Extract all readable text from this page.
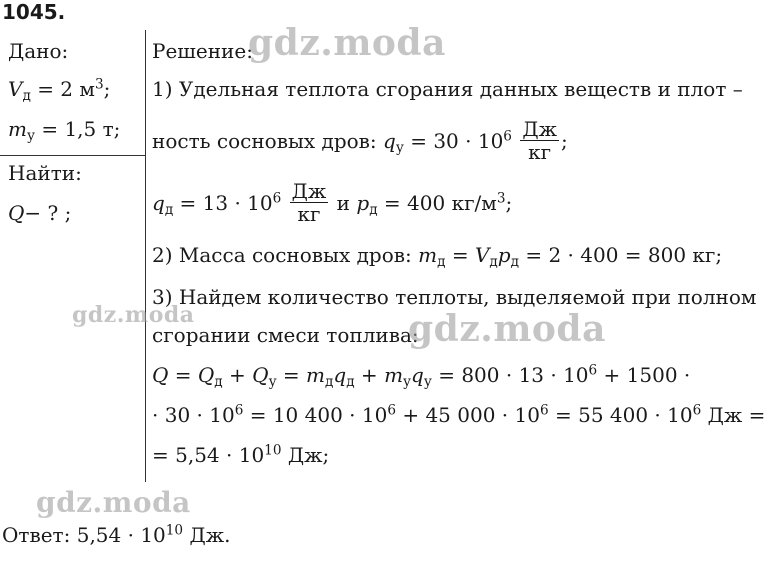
1045.
Дано:
$V_д = 2$ $м^3$;
$m_у = 1,5$ т;
Найти:
Q− ? ;
Решение:
1) Удельная теплота сгорания данных веществ и плот –
ность сосновых дров: $q_у = 30 \cdot 10^6 \frac{Дж}{кг}$ ;
$q_д = 13 \cdot 10^6 \frac{Дж}{кг}$ и $p_д = 400$ $кг/м^3$;
2) Масса сосновых дров: $m_д = V_дp_д = 2 \cdot 400 = 800$ кг;
3) Найдем количество теплоты, выделяемой при полном
сгорании смеси топлива:
$Q = Q_д + Q_у = m_дq_д + m_уq_у = 800 \cdot 13 \cdot 10^6 + 1500$ ·
· $30 \cdot 10^6 = 10$ $400 \cdot 10^6 + 45$ $000 \cdot 10^6 = 55$ $400 \cdot 10^6$ Дж =
= $5,54 \cdot 10^{10}$ Дж;
Ответ: $5,54 \cdot 10^{10}$ Дж.
gdz.moda
gdz.moda	gdz.moda
gdz.moda
